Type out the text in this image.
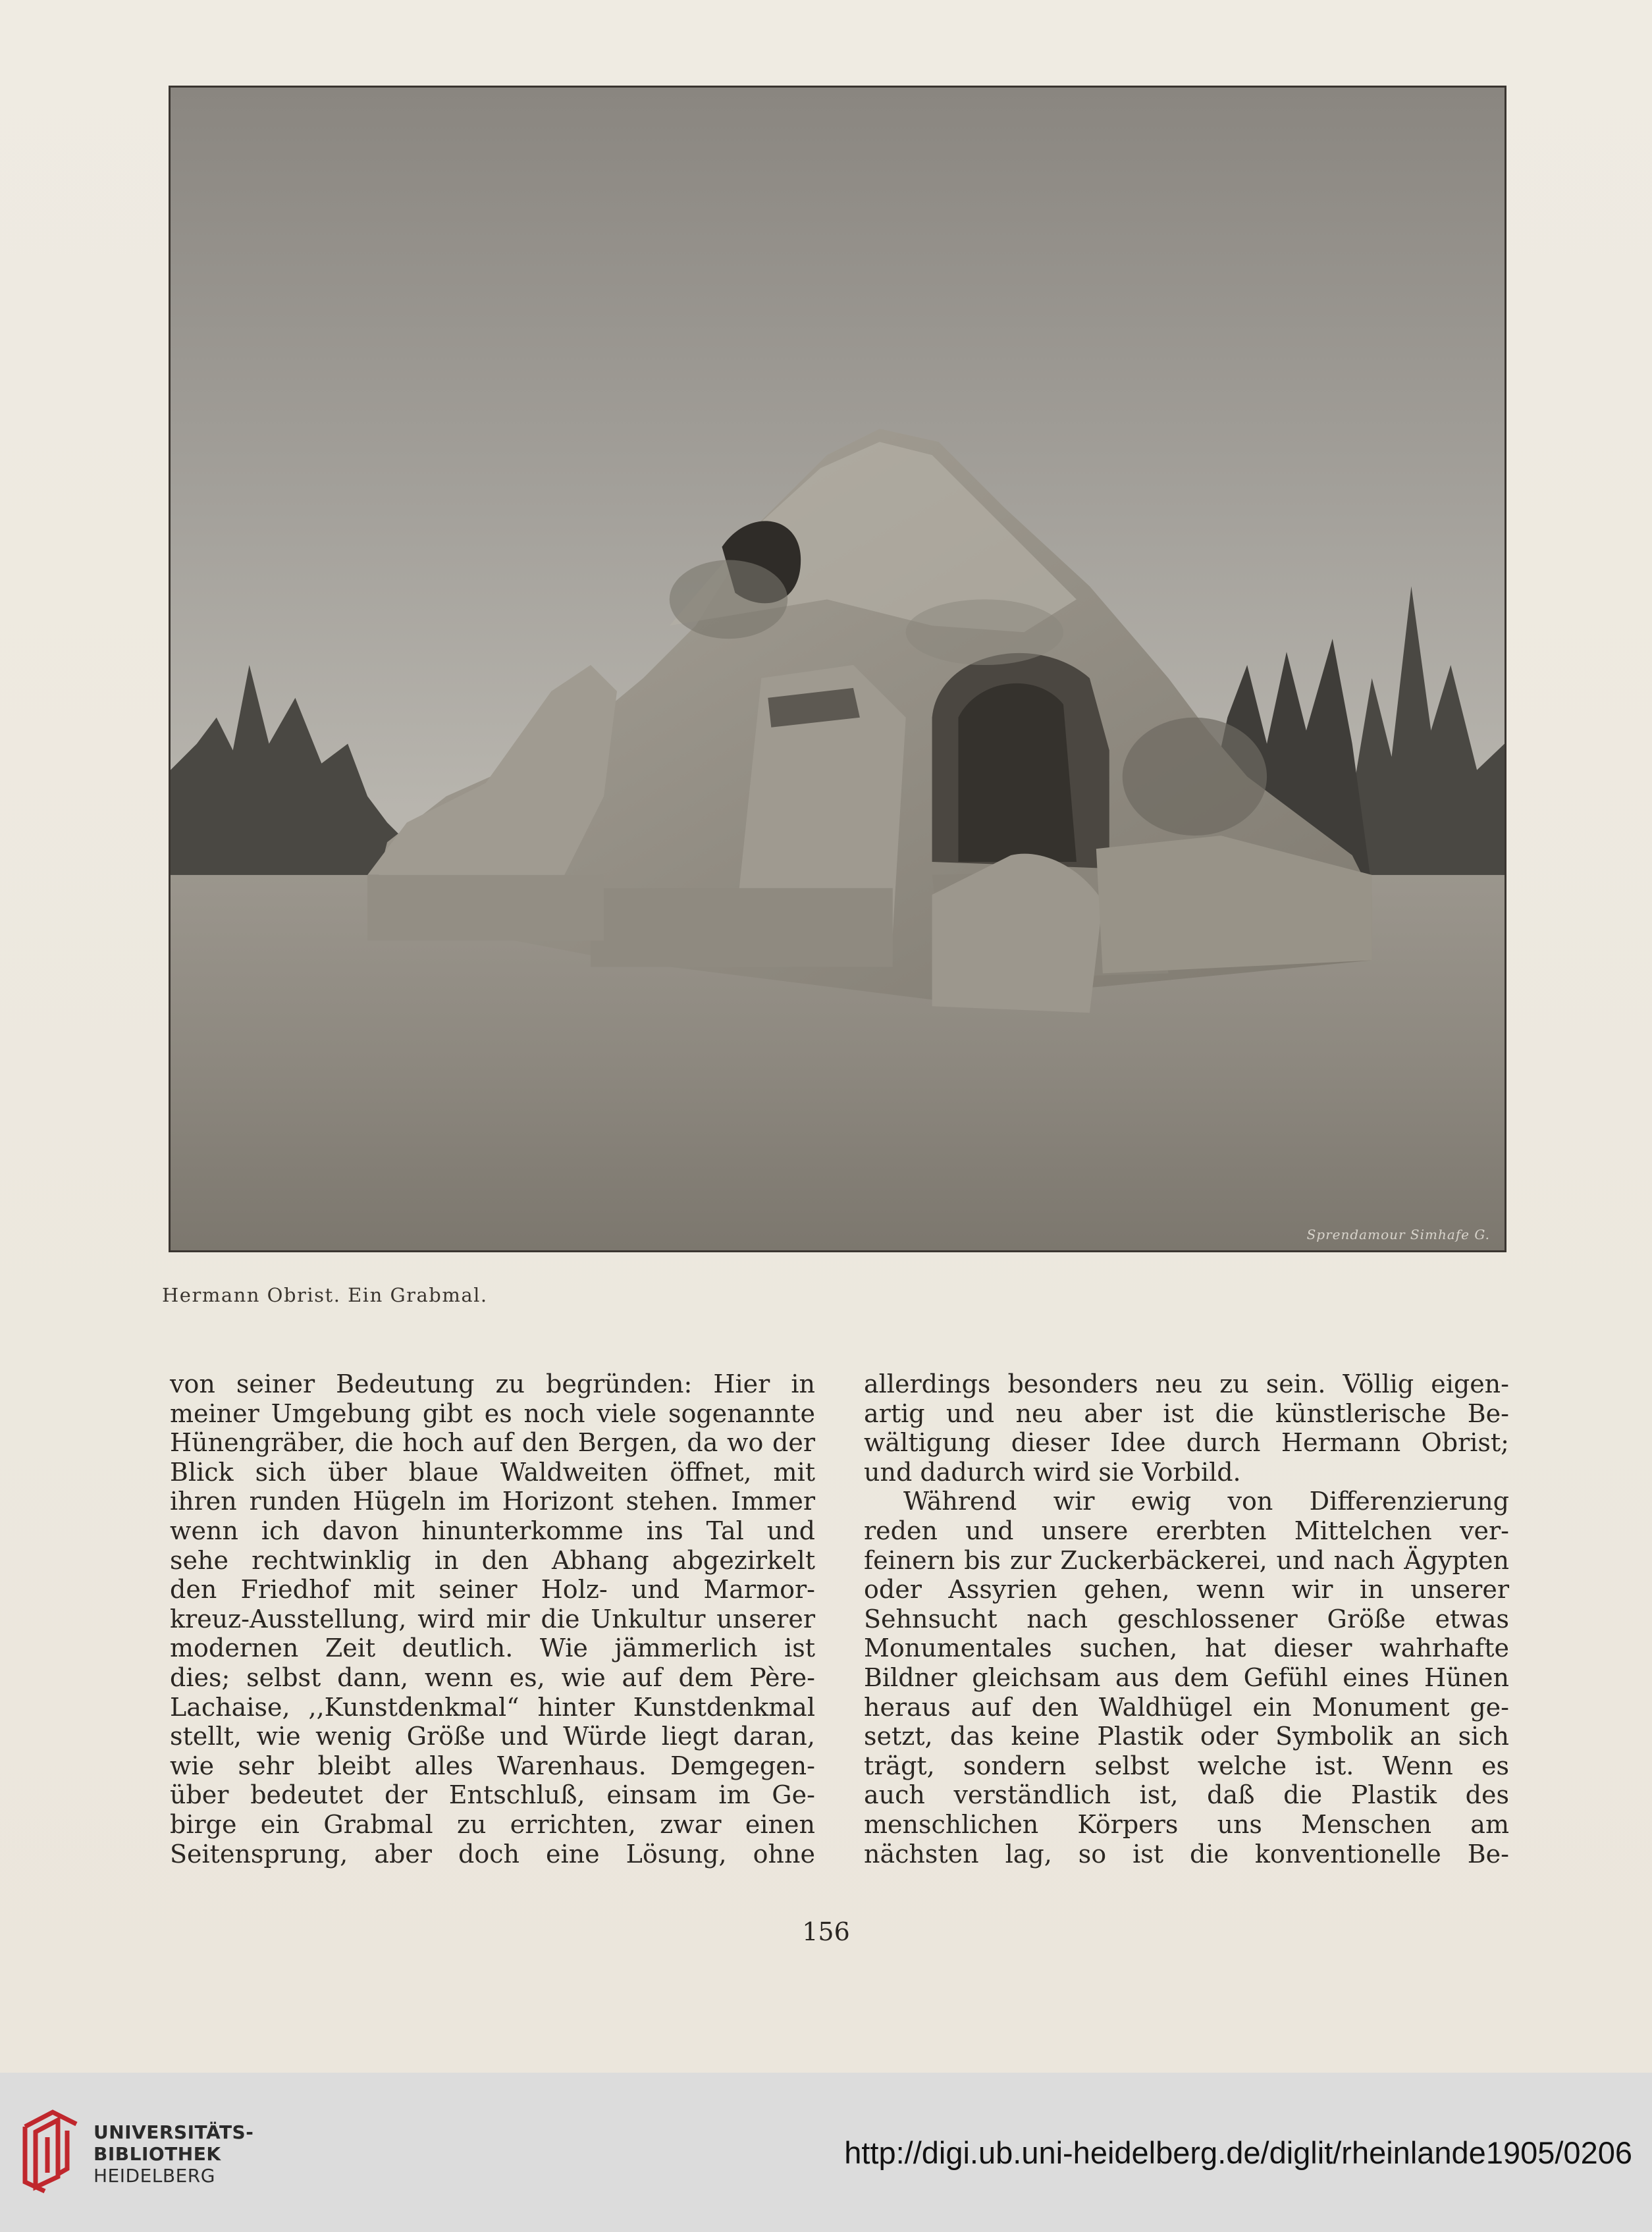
Sprendamour Simhafe G.
Hermann Obrist. Ein Grabmal.
von seiner Bedeutung zu begründen: Hier in
meiner Umgebung gibt es noch viele sogenannte
Hünengräber, die hoch auf den Bergen, da wo der
Blick sich über blaue Waldweiten öffnet, mit
ihren runden Hügeln im Horizont stehen. Immer
wenn ich davon hinunterkomme ins Tal und
sehe rechtwinklig in den Abhang abgezirkelt
den Friedhof mit seiner Holz- und Marmor-
kreuz-Ausstellung, wird mir die Unkultur unserer
modernen Zeit deutlich. Wie jämmerlich ist
dies; selbst dann, wenn es, wie auf dem Père-
Lachaise, ,,Kunstdenkmal“ hinter Kunstdenkmal
stellt, wie wenig Größe und Würde liegt daran,
wie sehr bleibt alles Warenhaus. Demgegen-
über bedeutet der Entschluß, einsam im Ge-
birge ein Grabmal zu errichten, zwar einen
Seitensprung, aber doch eine Lösung, ohne
allerdings besonders neu zu sein. Völlig eigen-
artig und neu aber ist die künstlerische Be-
wältigung dieser Idee durch Hermann Obrist;
und dadurch wird sie Vorbild.
Während wir ewig von Differenzierung
reden und unsere ererbten Mittelchen ver-
feinern bis zur Zuckerbäckerei, und nach Ägypten
oder Assyrien gehen, wenn wir in unserer
Sehnsucht nach geschlossener Größe etwas
Monumentales suchen, hat dieser wahrhafte
Bildner gleichsam aus dem Gefühl eines Hünen
heraus auf den Waldhügel ein Monument ge-
setzt, das keine Plastik oder Symbolik an sich
trägt, sondern selbst welche ist. Wenn es
auch verständlich ist, daß die Plastik des
menschlichen Körpers uns Menschen am
nächsten lag, so ist die konventionelle Be-
156
UNIVERSITÄTS-
BIBLIOTHEK
HEIDELBERG
http://digi.ub.uni-heidelberg.de/diglit/rheinlande1905/0206
